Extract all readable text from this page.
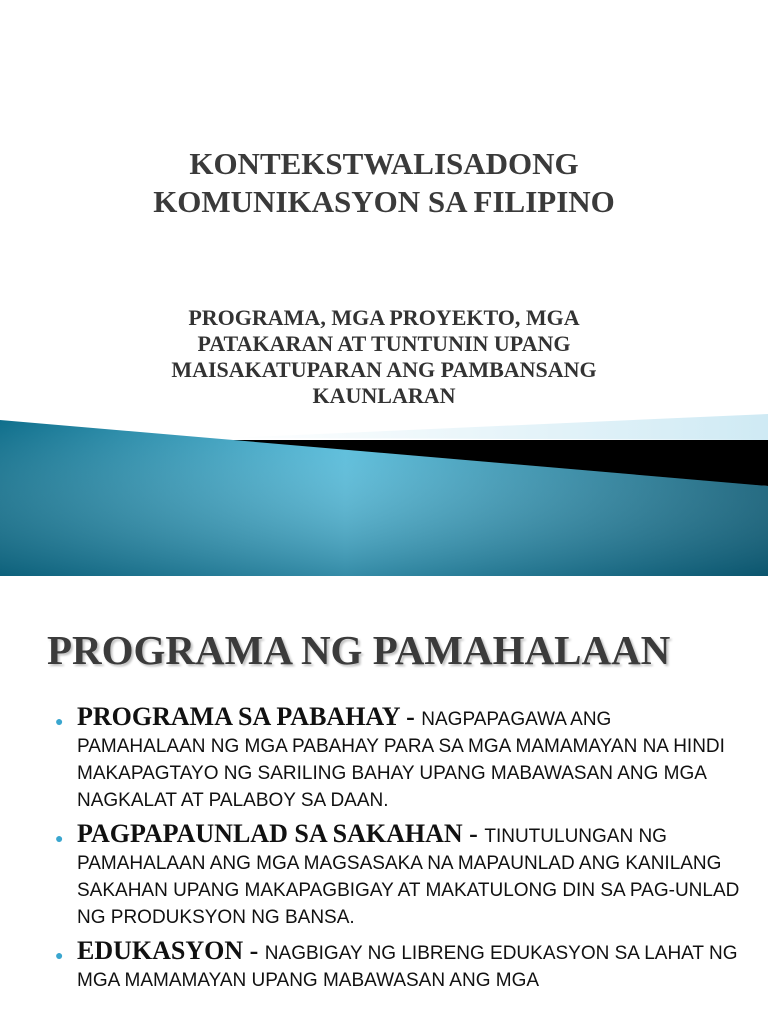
KONTEKSTWALISADONG
KOMUNIKASYON SA FILIPINO
PROGRAMA, MGA PROYEKTO, MGA
PATAKARAN AT TUNTUNIN UPANG
MAISAKATUPARAN ANG PAMBANSANG
KAUNLARAN
PROGRAMA NG PAMAHALAAN
● PROGRAMA SA PABAHAY - NAGPAPAGAWA ANG PAMAHALAAN NG MGA PABAHAY PARA SA MGA MAMAMAYAN NA HINDI MAKAPAGTAYO NG SARILING BAHAY UPANG MABAWASAN ANG MGA NAGKALAT AT PALABOY SA DAAN.
● PAGPAPAUNLAD SA SAKAHAN - TINUTULUNGAN NG PAMAHALAAN ANG MGA MAGSASAKA NA MAPAUNLAD ANG KANILANG SAKAHAN UPANG MAKAPAGBIGAY AT MAKATULONG DIN SA PAG-UNLAD NG PRODUKSYON NG BANSA.
● EDUKASYON - NAGBIGAY NG LIBRENG EDUKASYON SA LAHAT NG MGA MAMAMAYAN UPANG MABAWASAN ANG MGA
